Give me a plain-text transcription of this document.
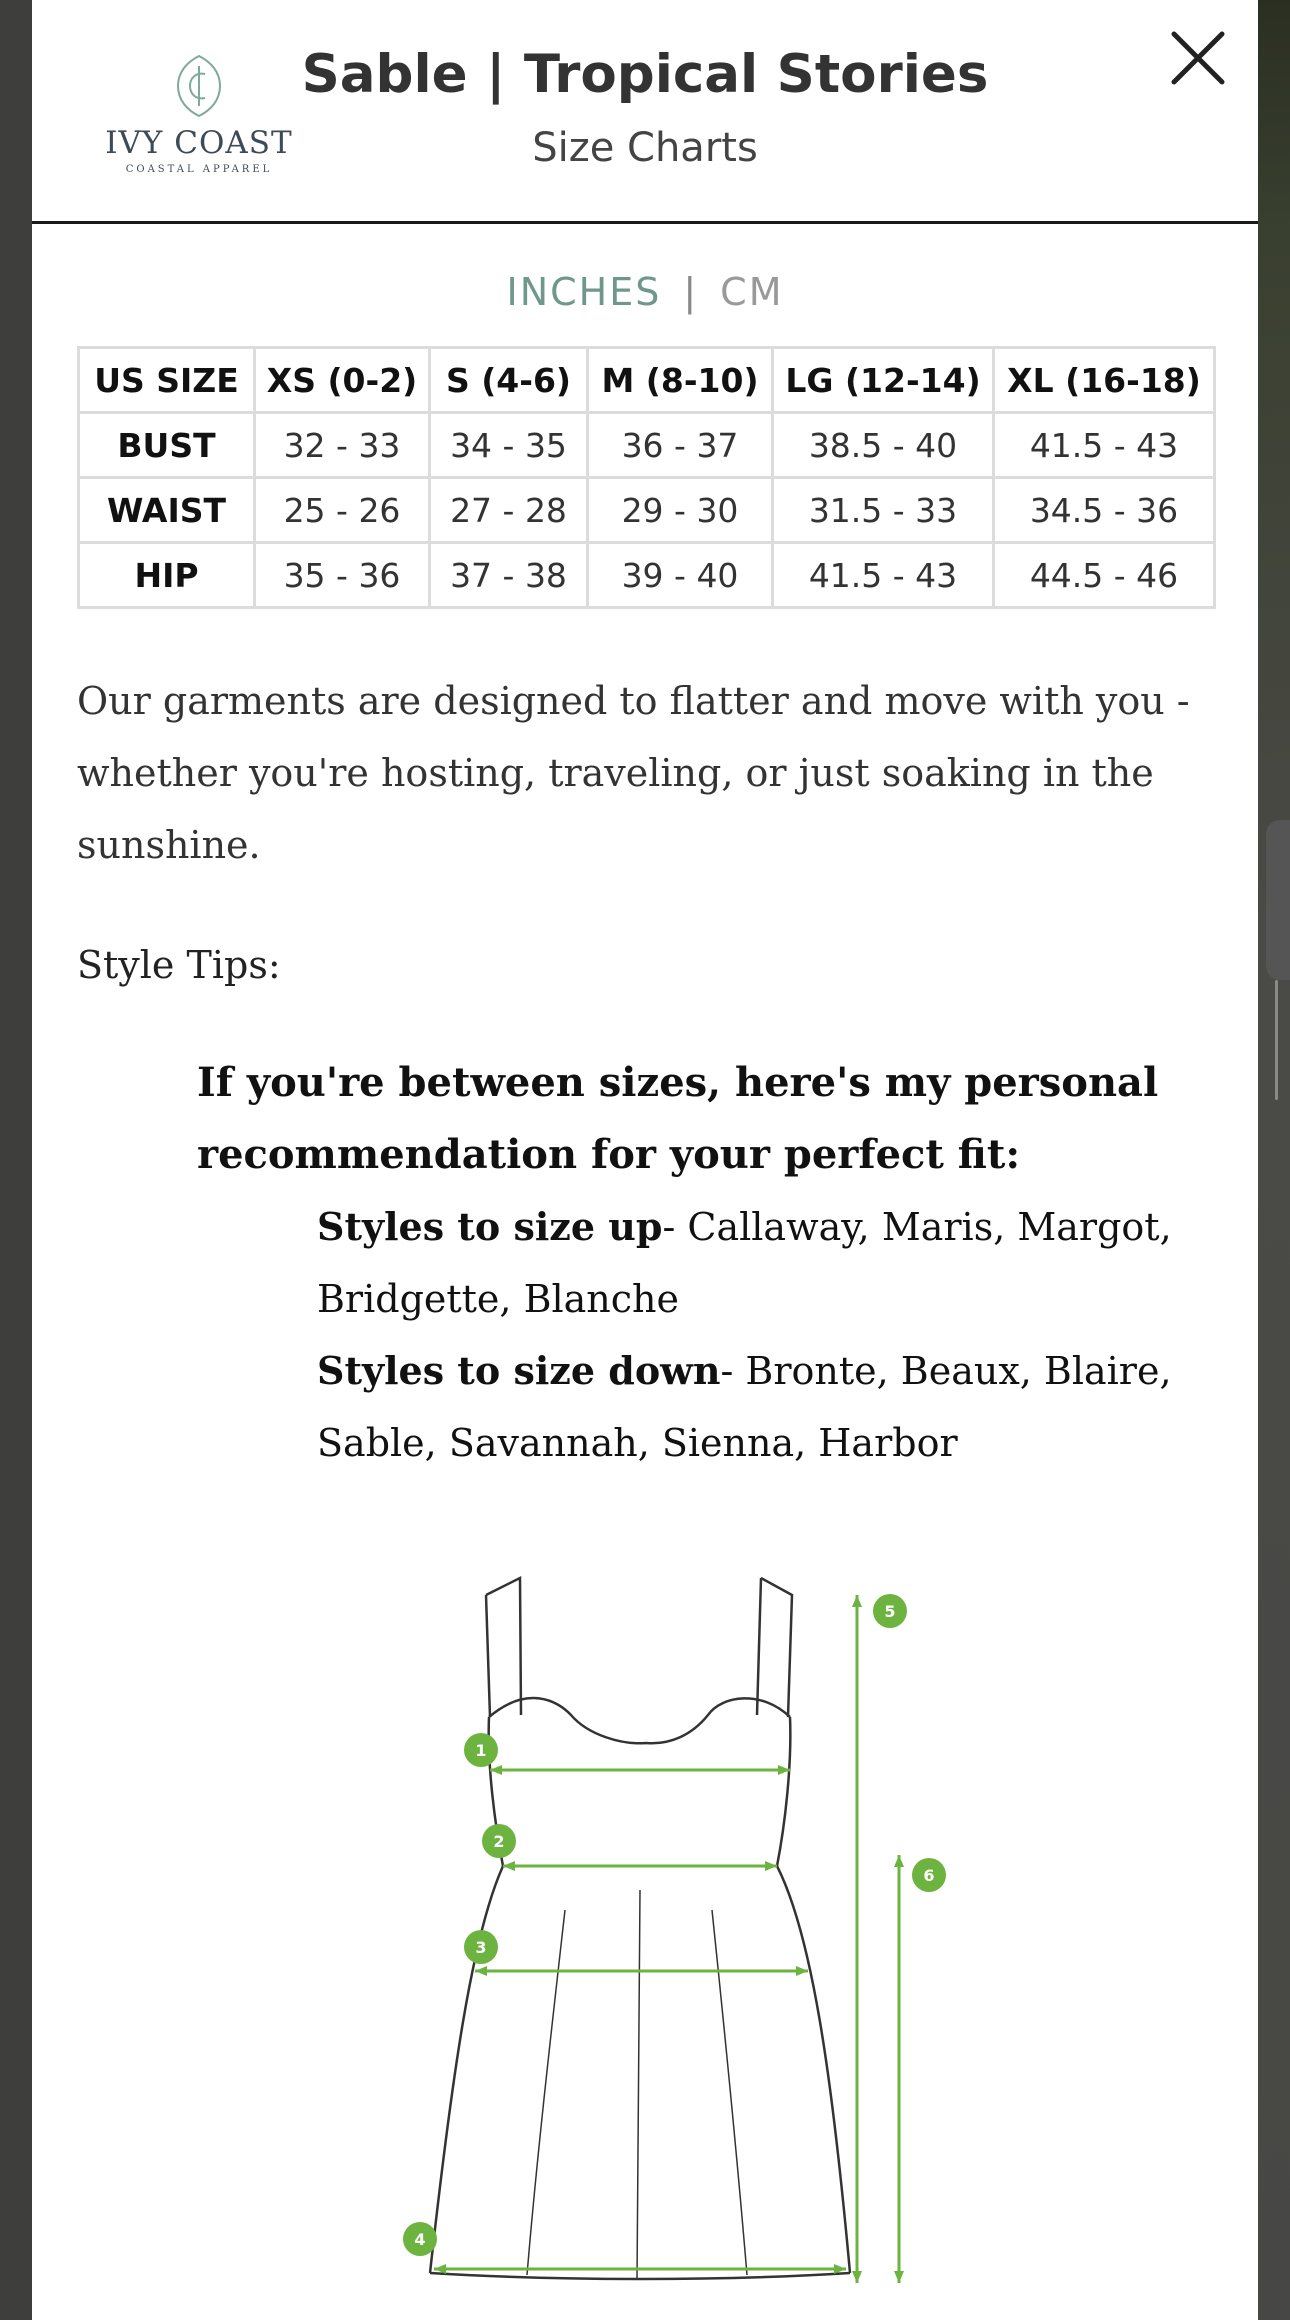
IVY COAST
COASTAL APPAREL
Sable | Tropical Stories
Size Charts
INCHES | CM
US SIZE	XS (0-2)	S (4-6)	M (8-10)	LG (12-14)	XL (16-18)
BUST	32 - 33	34 - 35	36 - 37	38.5 - 40	41.5 - 43
WAIST	25 - 26	27 - 28	29 - 30	31.5 - 33	34.5 - 36
HIP	35 - 36	37 - 38	39 - 40	41.5 - 43	44.5 - 46

Our garments are designed to flatter and move with you - whether you're hosting, traveling, or just soaking in the sunshine.

Style Tips:

If you're between sizes, here's my personal recommendation for your perfect fit:
Styles to size up- Callaway, Maris, Margot, Bridgette, Blanche
Styles to size down- Bronte, Beaux, Blaire, Sable, Savannah, Sienna, Harbor
1
2
3
4
5
6
